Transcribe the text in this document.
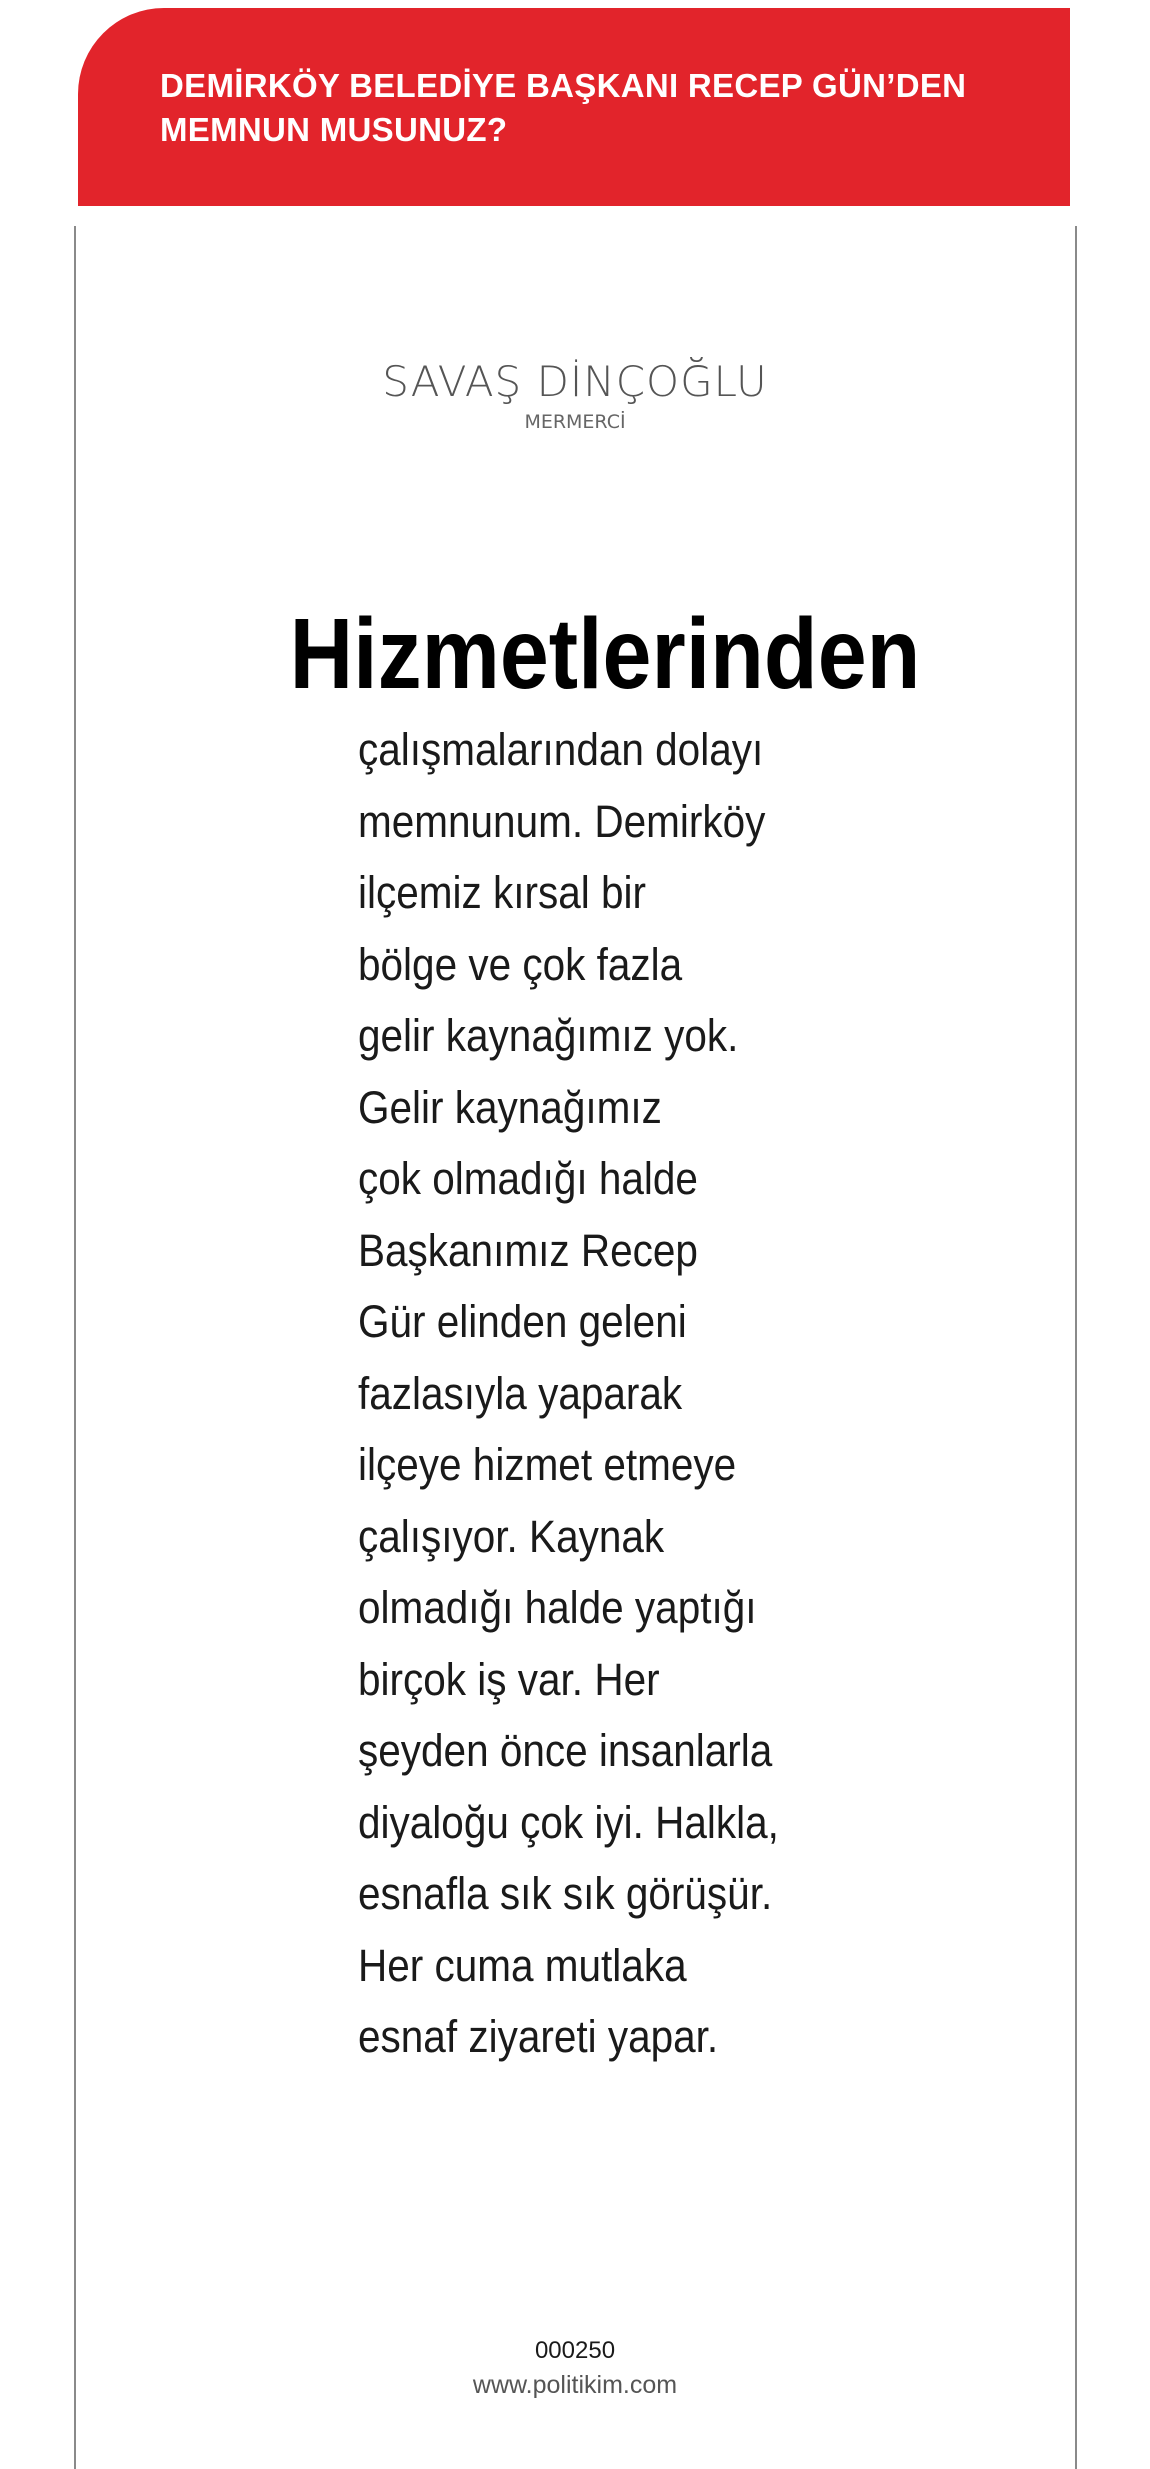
DEMİRKÖY BELEDİYE BAŞKANI RECEP GÜN’DEN
MEMNUN MUSUNUZ?
SAVAŞ DİNÇOĞLU
MERMERCİ
Hizmetlerinden
çalışmalarından dolayı
memnunum. Demirköy
ilçemiz kırsal bir
bölge ve çok fazla
gelir kaynağımız yok.
Gelir kaynağımız
çok olmadığı halde
Başkanımız Recep
Gür elinden geleni
fazlasıyla yaparak
ilçeye hizmet etmeye
çalışıyor. Kaynak
olmadığı halde yaptığı
birçok iş var. Her
şeyden önce insanlarla
diyaloğu çok iyi. Halkla,
esnafla sık sık görüşür.
Her cuma mutlaka
esnaf ziyareti yapar.
000250
www.politikim.com
